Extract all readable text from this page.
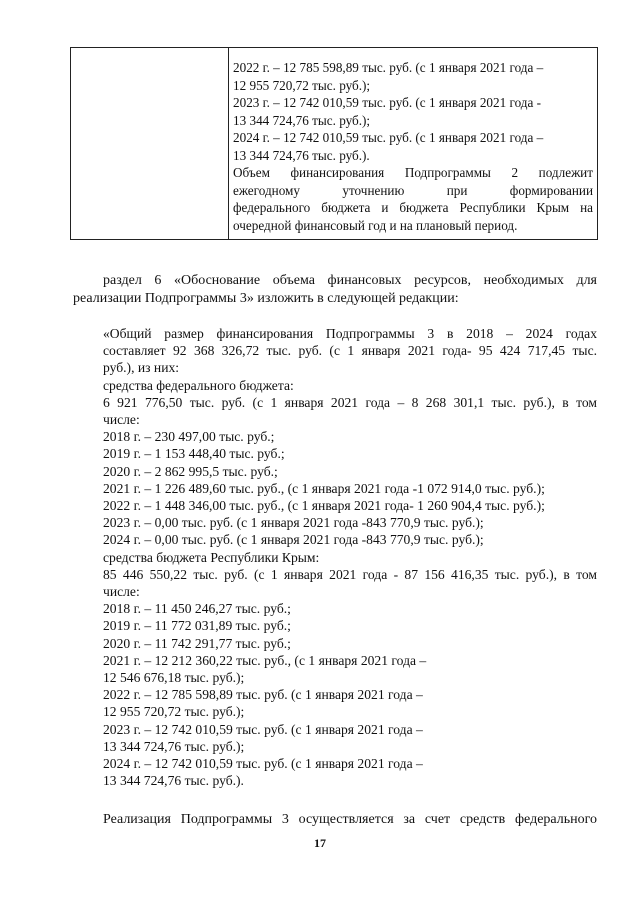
2022 г. – 12 785 598,89 тыс. руб. (с 1 января 2021 года –
12 955 720,72 тыс. руб.);
2023 г. – 12 742 010,59 тыс. руб. (с 1 января 2021 года -
13 344 724,76 тыс. руб.);
2024 г. – 12 742 010,59 тыс. руб. (с 1 января 2021 года –
13 344 724,76 тыс. руб.).
Объем финансирования Подпрограммы 2 подлежит
ежегодному уточнению при формировании
федерального бюджета и бюджета Республики Крым на
очередной финансовый год и на плановый период.
раздел 6 «Обоснование объема финансовых ресурсов, необходимых для
реализации Подпрограммы 3» изложить в следующей редакции:
«Общий размер финансирования Подпрограммы 3 в 2018 – 2024 годах
составляет 92 368 326,72 тыс. руб. (с 1 января 2021 года- 95 424 717,45 тыс.
руб.), из них:
средства федерального бюджета:
6 921 776,50 тыс. руб. (с 1 января 2021 года – 8 268 301,1 тыс. руб.), в том
числе:
2018 г. – 230 497,00 тыс. руб.;
2019 г. – 1 153 448,40 тыс. руб.;
2020 г. – 2 862 995,5 тыс. руб.;
2021 г. – 1 226 489,60 тыс. руб., (с 1 января 2021 года -1 072 914,0 тыс. руб.);
2022 г. – 1 448 346,00 тыс. руб., (с 1 января 2021 года- 1 260 904,4 тыс. руб.);
2023 г. – 0,00 тыс. руб. (с 1 января 2021 года -843 770,9 тыс. руб.);
2024 г. – 0,00 тыс. руб. (с 1 января 2021 года -843 770,9 тыс. руб.);
средства бюджета Республики Крым:
85 446 550,22 тыс. руб. (с 1 января 2021 года - 87 156 416,35 тыс. руб.), в том
числе:
2018 г. – 11 450 246,27 тыс. руб.;
2019 г. – 11 772 031,89 тыс. руб.;
2020 г. – 11 742 291,77 тыс. руб.;
2021 г. – 12 212 360,22 тыс. руб., (с 1 января 2021 года –
12 546 676,18 тыс. руб.);
2022 г. – 12 785 598,89 тыс. руб. (с 1 января 2021 года –
12 955 720,72 тыс. руб.);
2023 г. – 12 742 010,59 тыс. руб. (с 1 января 2021 года –
13 344 724,76 тыс. руб.);
2024 г. – 12 742 010,59 тыс. руб. (с 1 января 2021 года –
13 344 724,76 тыс. руб.).
Реализация Подпрограммы 3 осуществляется за счет средств федерального
17
